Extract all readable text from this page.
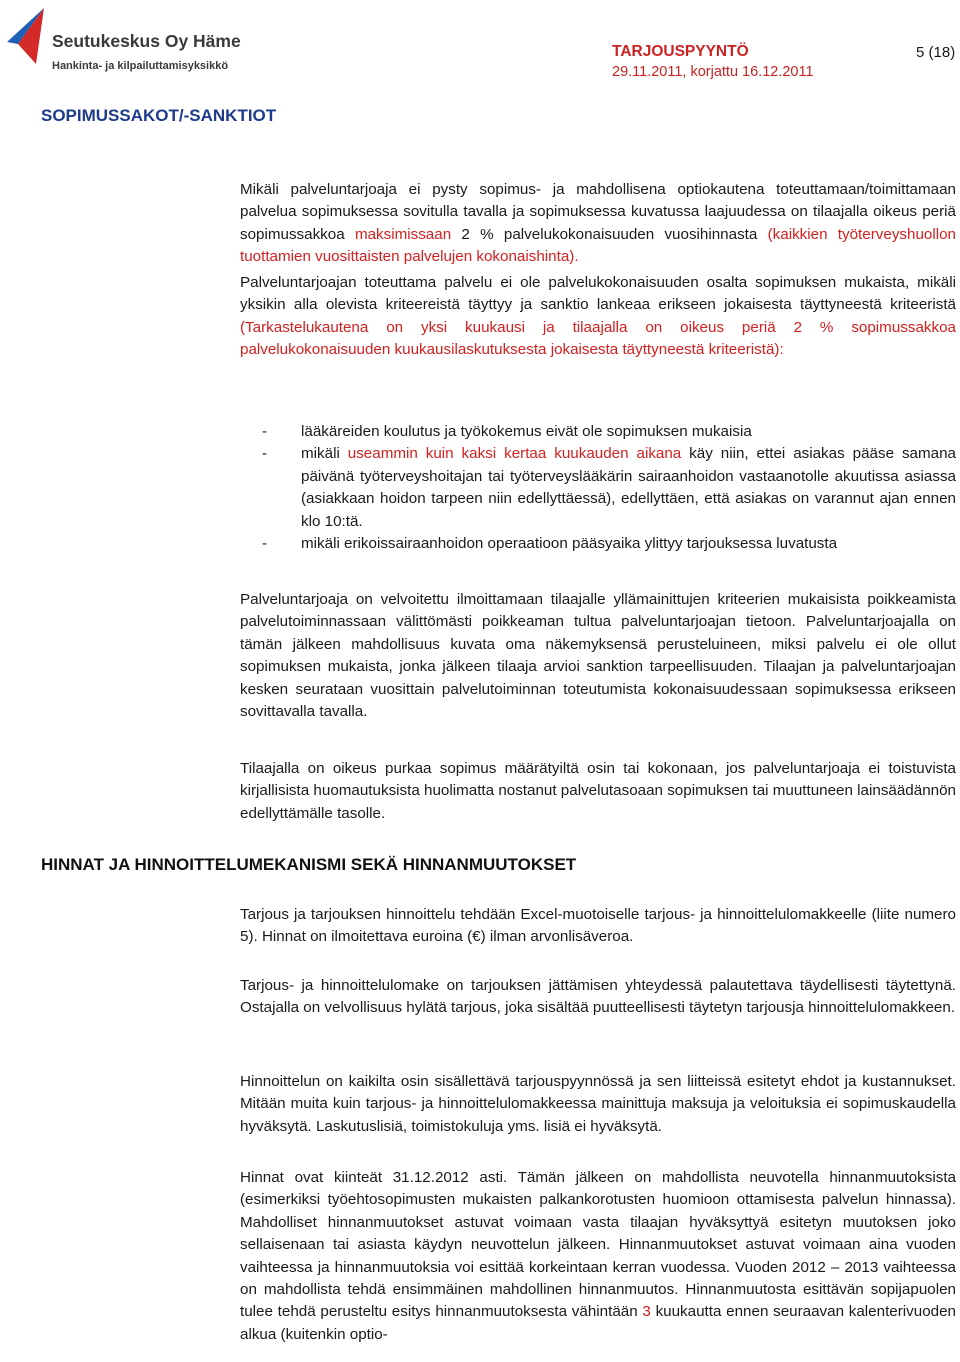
Seutukeskus Oy Häme
Hankinta- ja kilpailuttamisyksikkö
TARJOUSPYYNTÖ
29.11.2011, korjattu 16.12.2011
5 (18)
SOPIMUSSAKOT/-SANKTIOT
Mikäli palveluntarjoaja ei pysty sopimus- ja mahdollisena optiokautena toteuttamaan/toimittamaan palvelua sopimuksessa sovitulla tavalla ja sopimuksessa kuvatussa laajuudessa on tilaajalla oikeus periä sopimussakkoa maksimissaan 2 % palvelukokonaisuuden vuosihinnasta (kaikkien työterveyshuollon tuottamien vuosittaisten palvelujen kokonaishinta).
Palveluntarjoajan toteuttama palvelu ei ole palvelukokonaisuuden osalta sopimuksen mukaista, mikäli yksikin alla olevista kriteereistä täyttyy ja sanktio lankeaa erikseen jokaisesta täyttyneestä kriteeristä (Tarkastelukautena on yksi kuukausi ja tilaajalla on oikeus periä 2 % sopimussakkoa palvelukokonaisuuden kuukausilaskutuksesta jokaisesta täyttyneestä kriteeristä):
- lääkäreiden koulutus ja työkokemus eivät ole sopimuksen mukaisia
- mikäli useammin kuin kaksi kertaa kuukauden aikana käy niin, ettei asiakas pääse samana päivänä työterveyshoitajan tai työterveyslääkärin sairaanhoidon vastaanotolle akuutissa asiassa (asiakkaan hoidon tarpeen niin edellyttäessä), edellyttäen, että asiakas on varannut ajan ennen klo 10:tä.
- mikäli erikoissairaanhoidon operaatioon pääsyaika ylittyy tarjouksessa luvatusta
Palveluntarjoaja on velvoitettu ilmoittamaan tilaajalle yllämainittujen kriteerien mukaisista poikkeamista palvelutoiminnassaan välittömästi poikkeaman tultua palveluntarjoajan tietoon. Palveluntarjoajalla on tämän jälkeen mahdollisuus kuvata oma näkemyksensä perusteluineen, miksi palvelu ei ole ollut sopimuksen mukaista, jonka jälkeen tilaaja arvioi sanktion tarpeellisuuden. Tilaajan ja palveluntarjoajan kesken seurataan vuosittain palvelutoiminnan toteutumista kokonaisuudessaan sopimuksessa erikseen sovittavalla tavalla.
Tilaajalla on oikeus purkaa sopimus määrätyiltä osin tai kokonaan, jos palveluntarjoaja ei toistuvista kirjallisista huomautuksista huolimatta nostanut palvelutasoaan sopimuksen tai muuttuneen lainsäädännön edellyttämälle tasolle.
HINNAT JA HINNOITTELUMEKANISMI SEKÄ HINNANMUUTOKSET
Tarjous ja tarjouksen hinnoittelu tehdään Excel-muotoiselle tarjous- ja hinnoittelulomakkeelle (liite numero 5). Hinnat on ilmoitettava euroina (€) ilman arvonlisäveroa.
Tarjous- ja hinnoittelulomake on tarjouksen jättämisen yhteydessä palautettava täydellisesti täytettynä. Ostajalla on velvollisuus hylätä tarjous, joka sisältää puutteellisesti täytetyn tarjousja hinnoittelulomakkeen.
Hinnoittelun on kaikilta osin sisällettävä tarjouspyynnössä ja sen liitteissä esitetyt ehdot ja kustannukset. Mitään muita kuin tarjous- ja hinnoittelulomakkeessa mainittuja maksuja ja veloituksia ei sopimuskaudella hyväksytä. Laskutuslisiä, toimistokuluja yms. lisiä ei hyväksytä.
Hinnat ovat kiinteät 31.12.2012 asti. Tämän jälkeen on mahdollista neuvotella hinnanmuutoksista (esimerkiksi työehtosopimusten mukaisten palkankorotusten huomioon ottamisesta palvelun hinnassa). Mahdolliset hinnanmuutokset astuvat voimaan vasta tilaajan hyväksyttyä esitetyn muutoksen joko sellaisenaan tai asiasta käydyn neuvottelun jälkeen. Hinnanmuutokset astuvat voimaan aina vuoden vaihteessa ja hinnanmuutoksia voi esittää korkeintaan kerran vuodessa. Vuoden 2012 – 2013 vaihteessa on mahdollista tehdä ensimmäinen mahdollinen hinnanmuutos. Hinnanmuutosta esittävän sopijapuolen tulee tehdä perusteltu esitys hinnanmuutoksesta vähintään 3 kuukautta ennen seuraavan kalenterivuoden alkua (kuitenkin optio-
